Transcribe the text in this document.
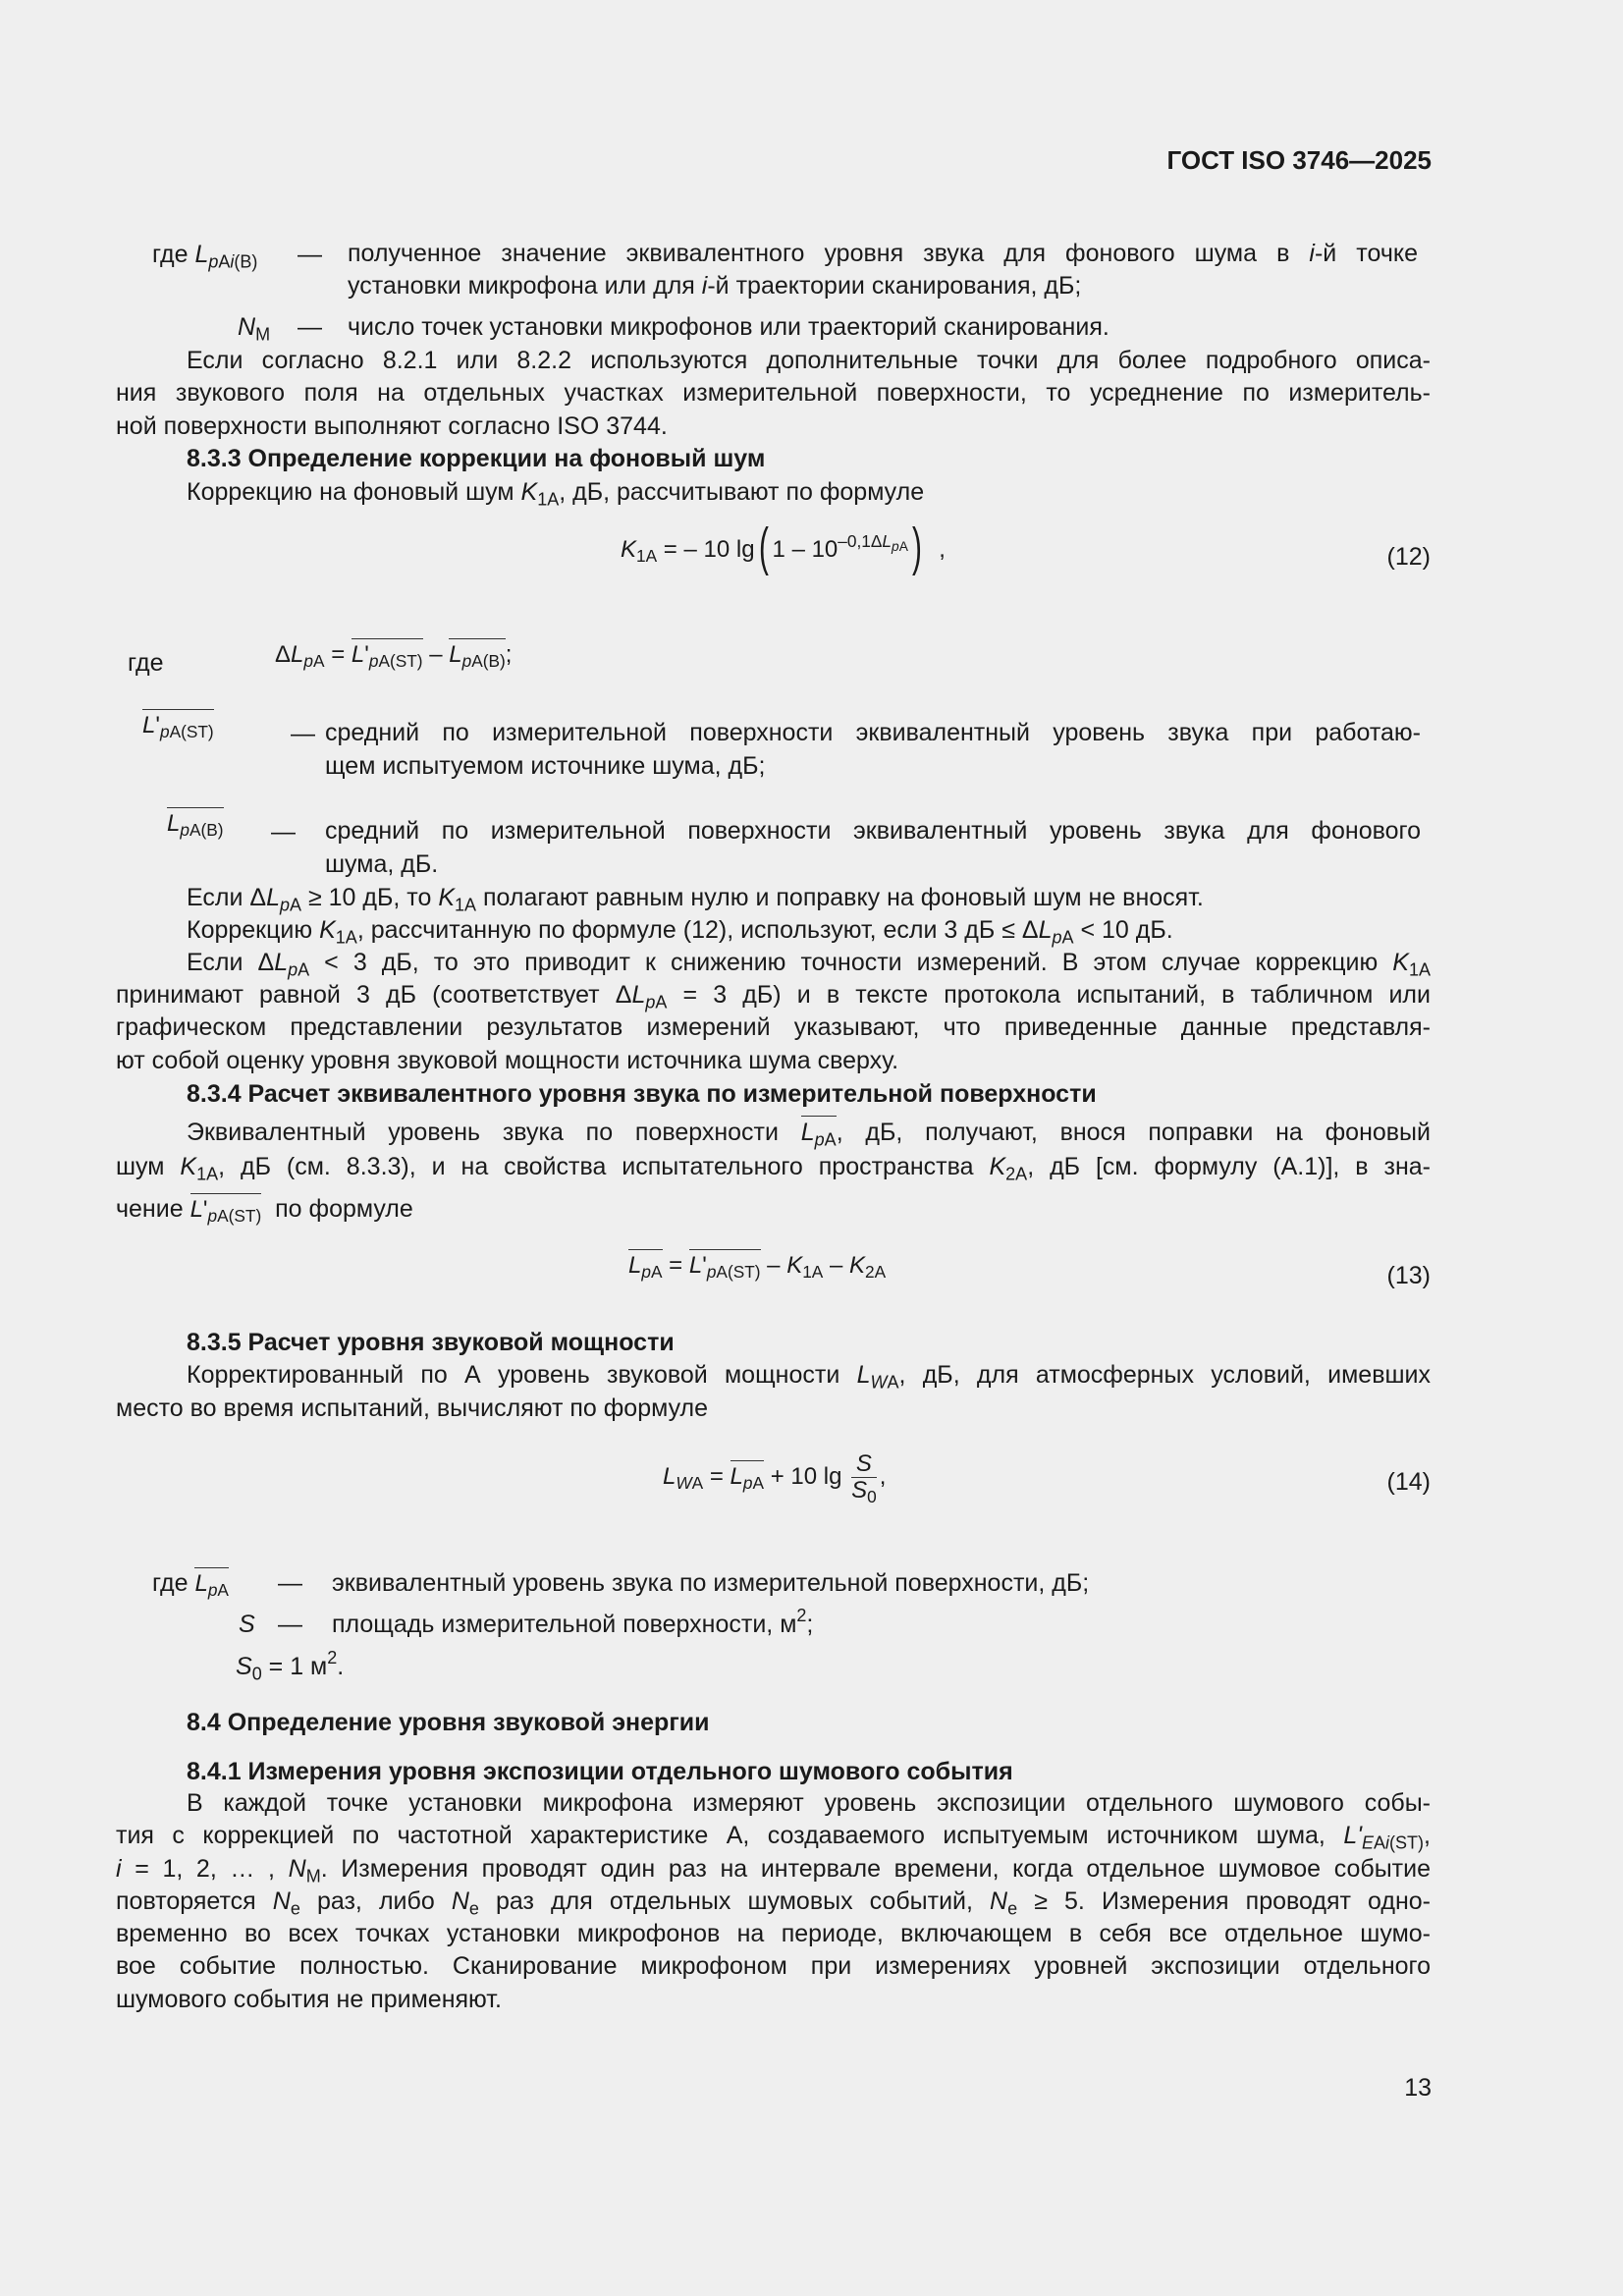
ГОСТ ISO 3746—2025
где $L_{pAi(B)}$ — полученное значение эквивалентного уровня звука для фонового шума в i-й точке
установки микрофона или для i-й траектории сканирования, дБ;
$N_M$ — число точек установки микрофонов или траекторий сканирования.
Если согласно 8.2.1 или 8.2.2 используются дополнительные точки для более подробного описа-
ния звукового поля на отдельных участках измерительной поверхности, то усреднение по измеритель-
ной поверхности выполняют согласно ISO 3744.
8.3.3 Определение коррекции на фоновый шум
Коррекцию на фоновый шум $K_{1A}$, дБ, рассчитывают по формуле
$K_{1A}$ = – 10 lg( $1 - 10^{-0,1\Delta L_{pA}}$)  ,	(12)
где	$\Delta L_{pA} = L'_{pA(ST)} - L_{pA(B)}$;
$L'_{pA(ST)}$	— средний по измерительной поверхности эквивалентный уровень звука при работаю-
щем испытуемом источнике шума, дБ;
$L_{pA(B)}$ — средний по измерительной поверхности эквивалентный уровень звука для фонового
шума, дБ.
Если $\Delta L_{pA} \ge 10$ дБ, то $K_{1A}$ полагают равным нулю и поправку на фоновый шум не вносят.
Коррекцию $K_{1A}$, рассчитанную по формуле (12), используют, если 3 дБ ≤ $\Delta L_{pA} < 10$ дБ.
Если $\Delta L_{pA} < 3$ дБ, то это приводит к снижению точности измерений. В этом случае коррекцию $K_{1A}$
принимают равной 3 дБ (соответствует $\Delta L_{pA} = 3$ дБ) и в тексте протокола испытаний, в табличном или
графическом представлении результатов измерений указывают, что приведенные данные представля-
ют собой оценку уровня звуковой мощности источника шума сверху.
8.3.4 Расчет эквивалентного уровня звука по измерительной поверхности
Эквивалентный уровень звука по поверхности $L_{pA}$, дБ, получают, внося поправки на фоновый
шум $K_{1A}$, дБ (см. 8.3.3), и на свойства испытательного пространства $K_{2A}$, дБ [см. формулу (А.1)], в зна-
чение $L'_{pA(ST)}$ по формуле
$L_{pA} = L'_{pA(ST)} - K_{1A} - K_{2A}$	(13)
8.3.5 Расчет уровня звуковой мощности
Корректированный по А уровень звуковой мощности $L_{WA}$, дБ, для атмосферных условий, имевших
место во время испытаний, вычисляют по формуле
$L_{WA} = L_{pA} + 10$ $\lg \frac{S}{S_0}$ ,	(14)
где $L_{pA}$ — эквивалентный уровень звука по измерительной поверхности, дБ;
S — площадь измерительной поверхности, $м^2$;
$S_0 = 1$ $м^2$.
8.4 Определение уровня звуковой энергии
8.4.1 Измерения уровня экспозиции отдельного шумового события
В каждой точке установки микрофона измеряют уровень экспозиции отдельного шумового собы-
тия с коррекцией по частотной характеристике А, создаваемого испытуемым источником шума, $L'_{EAi(ST)}$,
i = 1, 2, … , $N_M$. Измерения проводят один раз на интервале времени, когда отдельное шумовое событие
повторяется $N_e$ раз, либо $N_e$ раз для отдельных шумовых событий, $N_e \ge 5$. Измерения проводят одно-
временно во всех точках установки микрофонов на периоде, включающем в себя все отдельное шумо-
вое событие полностью. Сканирование микрофоном при измерениях уровней экспозиции отдельного
шумового события не применяют.
13
